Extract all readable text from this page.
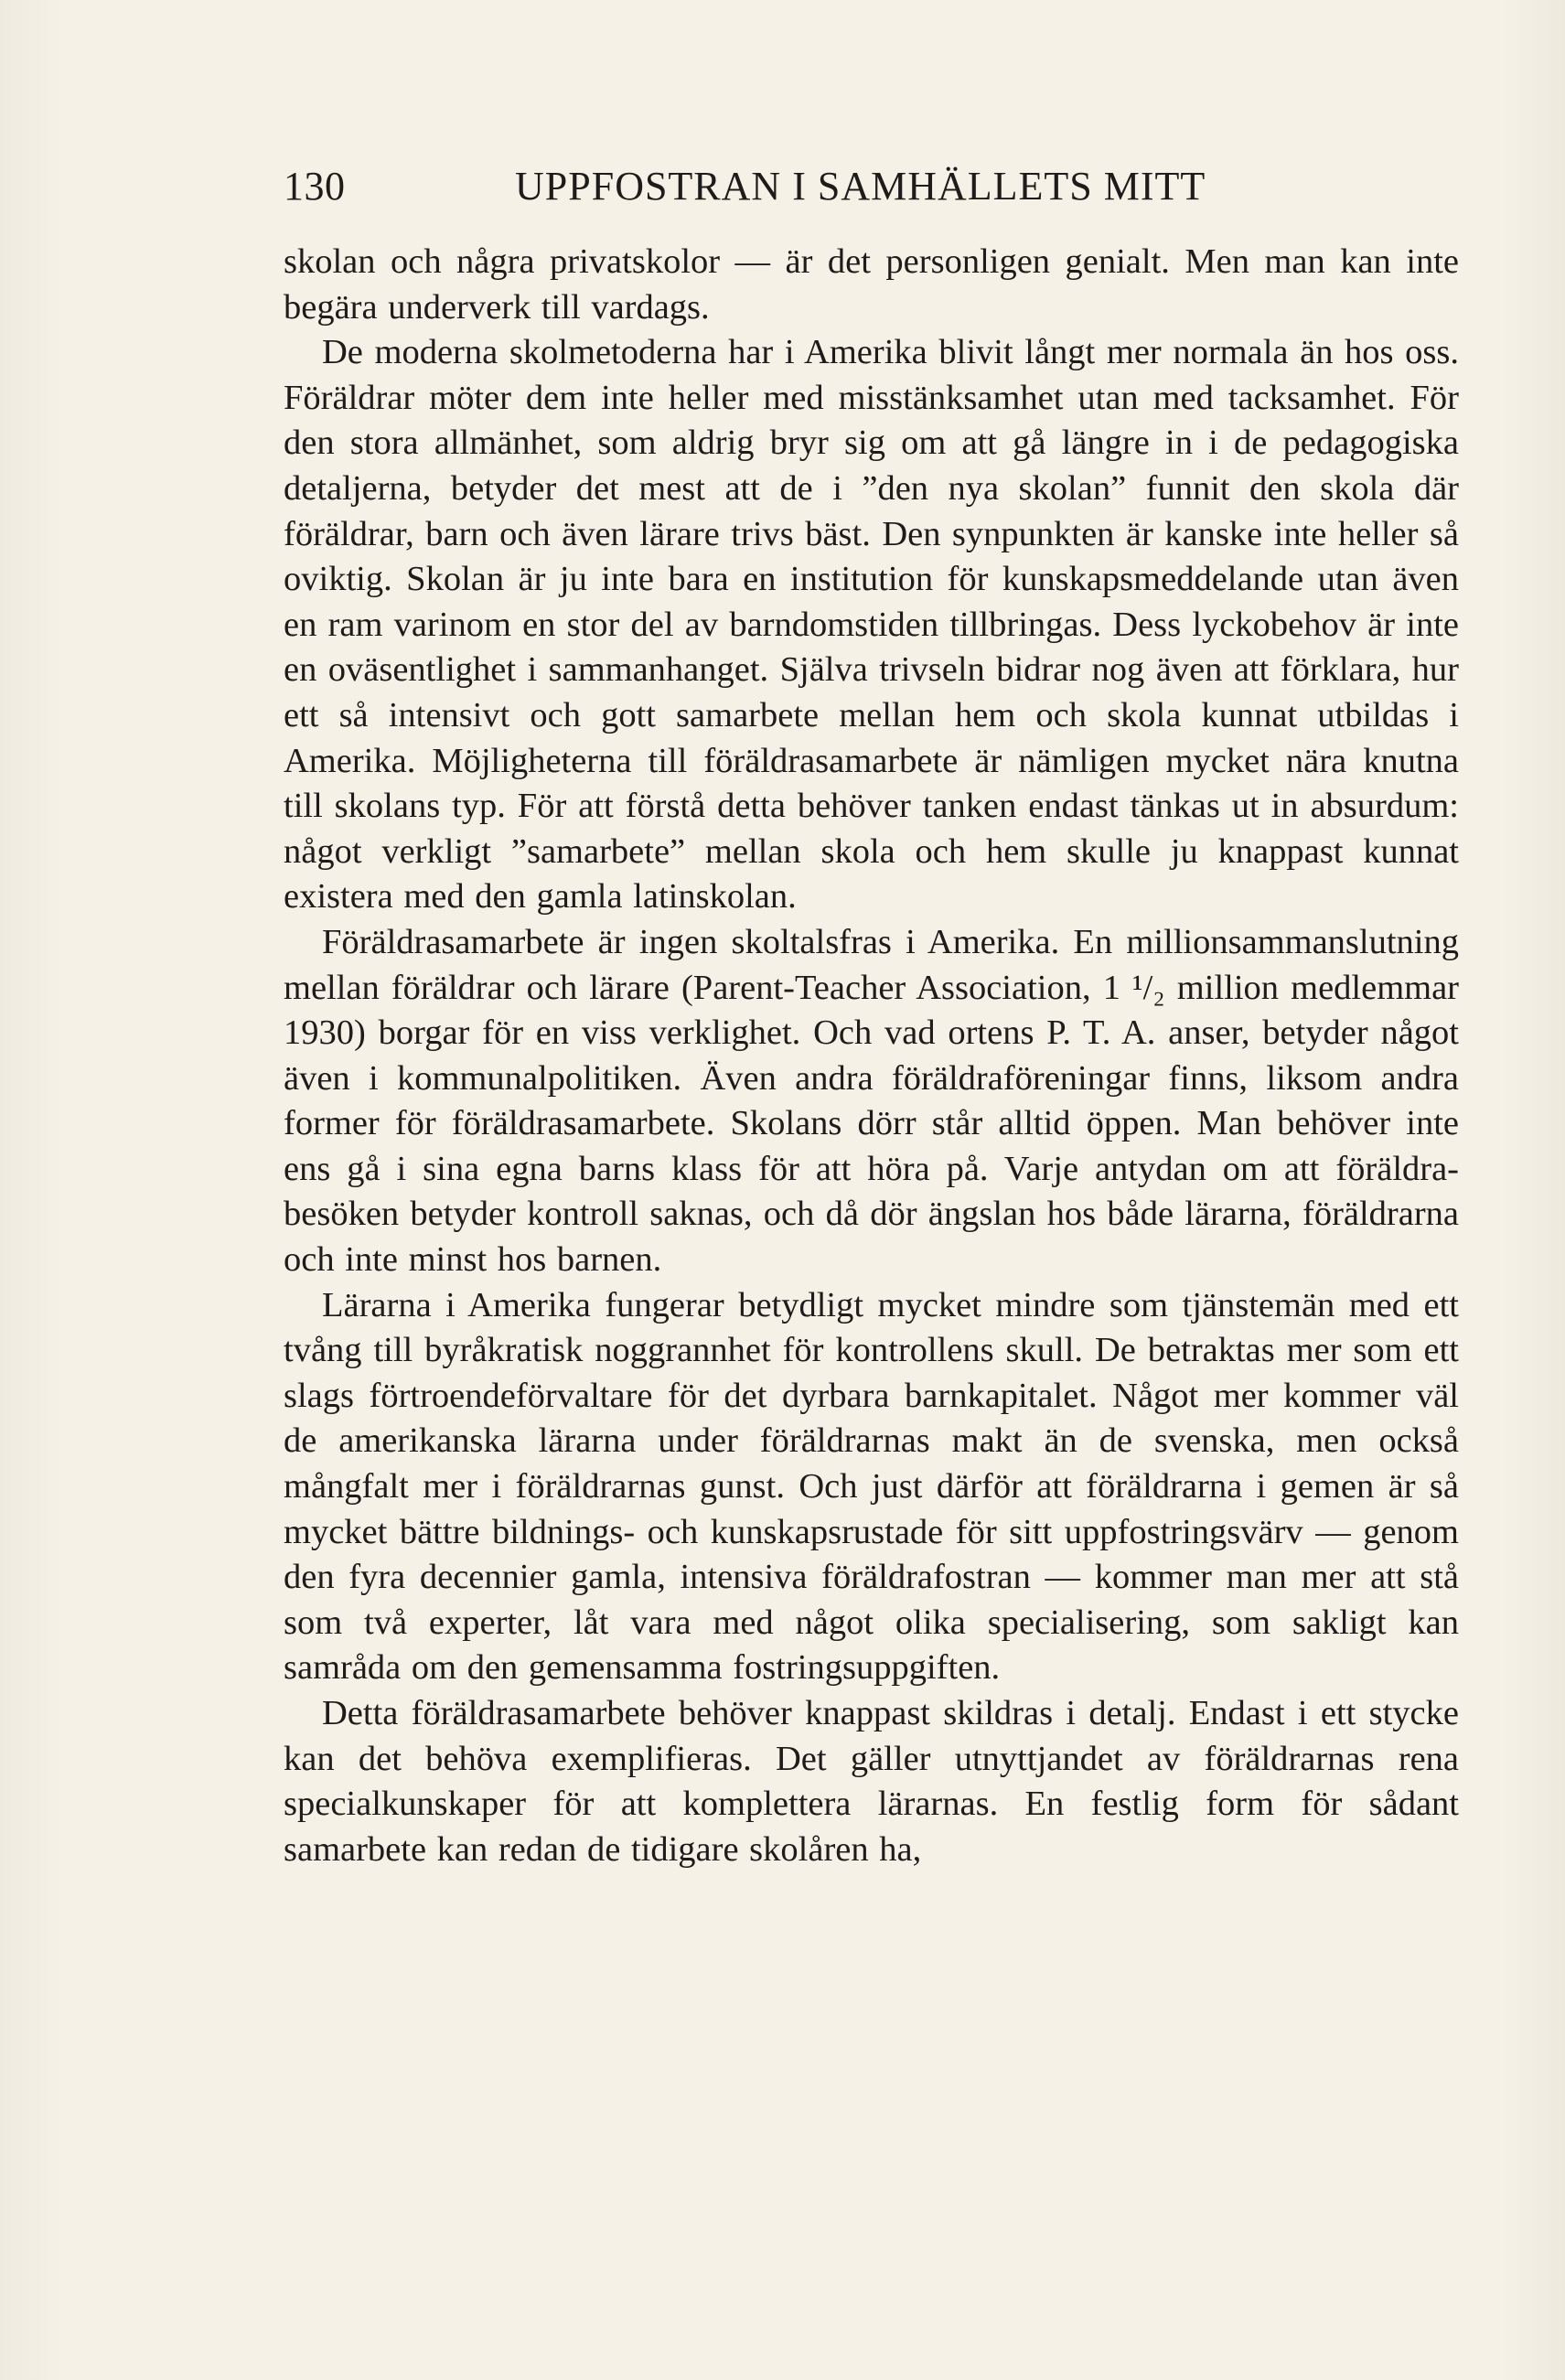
130	UPPFOSTRAN I SAMHÄLLETS MITT

skolan och några privatskolor — är det personligen genialt. Men man kan inte begära underverk till vardags.

De moderna skolmetoderna har i Amerika blivit långt mer normala än hos oss. Föräldrar möter dem inte heller med misstänksamhet utan med tacksamhet. För den stora allmänhet, som aldrig bryr sig om att gå längre in i de pedagogiska detaljerna, betyder det mest att de i ”den nya skolan” funnit den skola där föräldrar, barn och även lärare trivs bäst. Den synpunkten är kanske inte heller så oviktig. Skolan är ju inte bara en institution för kunskapsmeddelande utan även en ram varinom en stor del av barndomstiden tillbringas. Dess lyckobehov är inte en oväsentlighet i sammanhanget. Själva trivseln bidrar nog även att förklara, hur ett så intensivt och gott samarbete mellan hem och skola kunnat utbildas i Amerika. Möjligheterna till föräldrasamarbete är nämligen mycket nära knutna till skolans typ. För att förstå detta behöver tanken endast tänkas ut in absurdum: något verkligt ”samarbete” mellan skola och hem skulle ju knappast kunnat existera med den gamla latinskolan.

Föräldrasamarbete är ingen skoltalsfras i Amerika. En millionsammanslutning mellan föräldrar och lärare (Parent-Teacher Association, 1 ¹/₂ million medlemmar 1930) borgar för en viss verklighet. Och vad ortens P. T. A. anser, betyder något även i kommunalpolitiken. Även andra föräldraföreningar finns, liksom andra former för föräldrasamarbete. Skolans dörr står alltid öppen. Man behöver inte ens gå i sina egna barns klass för att höra på. Varje antydan om att föräldrabesöken betyder kontroll saknas, och då dör ängslan hos både lärarna, föräldrarna och inte minst hos barnen.

Lärarna i Amerika fungerar betydligt mycket mindre som tjänstemän med ett tvång till byråkratisk noggrannhet för kontrollens skull. De betraktas mer som ett slags förtroendeförvaltare för det dyrbara barnkapitalet. Något mer kommer väl de amerikanska lärarna under föräldrarnas makt än de svenska, men också mångfalt mer i föräldrarnas gunst. Och just därför att föräldrarna i gemen är så mycket bättre bildnings- och kunskapsrustade för sitt uppfostringsvärv — genom den fyra decennier gamla, intensiva föräldrafostran — kommer man mer att stå som två experter, låt vara med något olika specialisering, som sakligt kan samråda om den gemensamma fostringsuppgiften.

Detta föräldrasamarbete behöver knappast skildras i detalj. Endast i ett stycke kan det behöva exemplifieras. Det gäller utnyttjandet av föräldrarnas rena specialkunskaper för att komplettera lärarnas. En festlig form för sådant samarbete kan redan de tidigare skolåren ha,
